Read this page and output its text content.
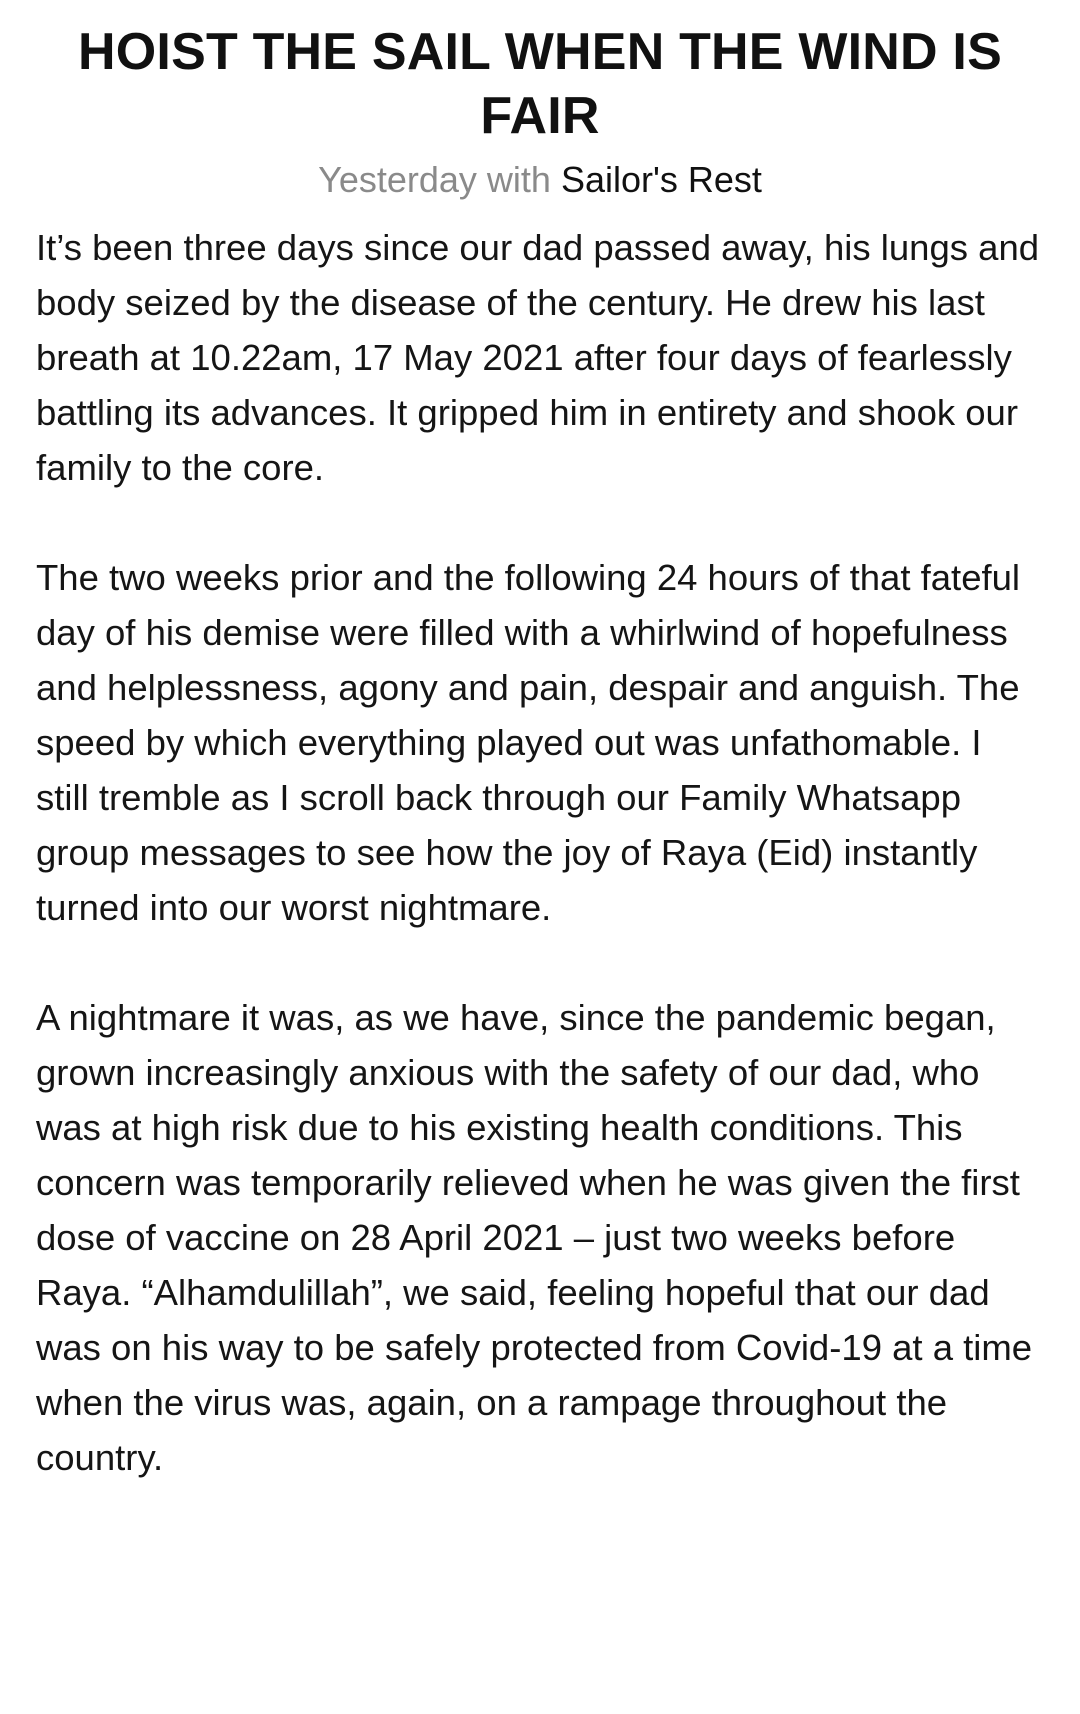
HOIST THE SAIL WHEN THE WIND IS FAIR
Yesterday with Sailor's Rest

It’s been three days since our dad passed away, his lungs and body seized by the disease of the century. He drew his last breath at 10.22am, 17 May 2021 after four days of fearlessly battling its advances. It gripped him in entirety and shook our family to the core.

The two weeks prior and the following 24 hours of that fateful day of his demise were filled with a whirlwind of hopefulness and helplessness, agony and pain, despair and anguish. The speed by which everything played out was unfathomable. I still tremble as I scroll back through our Family Whatsapp group messages to see how the joy of Raya (Eid) instantly turned into our worst nightmare.

A nightmare it was, as we have, since the pandemic began, grown increasingly anxious with the safety of our dad, who was at high risk due to his existing health conditions. This concern was temporarily relieved when he was given the first dose of vaccine on 28 April 2021 – just two weeks before Raya. “Alhamdulillah”, we said, feeling hopeful that our dad was on his way to be safely protected from Covid-19 at a time when the virus was, again, on a rampage throughout the country.
